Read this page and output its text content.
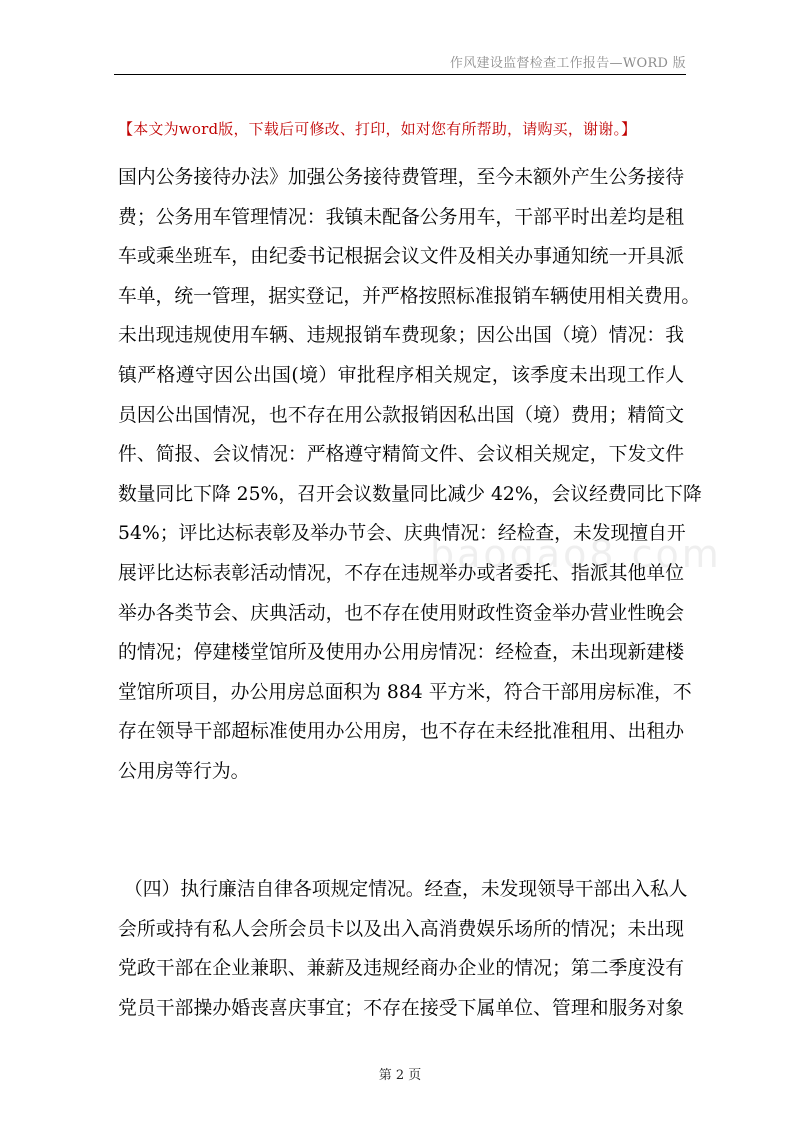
作风建设监督检查工作报告—WORD 版
【本文为word版，下载后可修改、打印，如对您有所帮助，请购买，谢谢。】
baogao8.com
国内公务接待办法》加强公务接待费管理，至今未额外产生公务接待
费；公务用车管理情况：我镇未配备公务用车，干部平时出差均是租
车或乘坐班车，由纪委书记根据会议文件及相关办事通知统一开具派
车单，统一管理，据实登记，并严格按照标准报销车辆使用相关费用。
未出现违规使用车辆、违规报销车费现象；因公出国（境）情况：我
镇严格遵守因公出国(境）审批程序相关规定，该季度未出现工作人
员因公出国情况，也不存在用公款报销因私出国（境）费用；精简文
件、简报、会议情况：严格遵守精简文件、会议相关规定，下发文件
数量同比下降 25%，召开会议数量同比减少 42%，会议经费同比下降
54%；评比达标表彰及举办节会、庆典情况：经检查，未发现擅自开
展评比达标表彰活动情况，不存在违规举办或者委托、指派其他单位
举办各类节会、庆典活动，也不存在使用财政性资金举办营业性晚会
的情况；停建楼堂馆所及使用办公用房情况：经检查，未出现新建楼
堂馆所项目，办公用房总面积为 884 平方米，符合干部用房标准，不
存在领导干部超标准使用办公用房，也不存在未经批准租用、出租办
公用房等行为。
（四）执行廉洁自律各项规定情况。经查，未发现领导干部出入私人
会所或持有私人会所会员卡以及出入高消费娱乐场所的情况；未出现
党政干部在企业兼职、兼薪及违规经商办企业的情况；第二季度没有
党员干部操办婚丧喜庆事宜；不存在接受下属单位、管理和服务对象
第 2 页
